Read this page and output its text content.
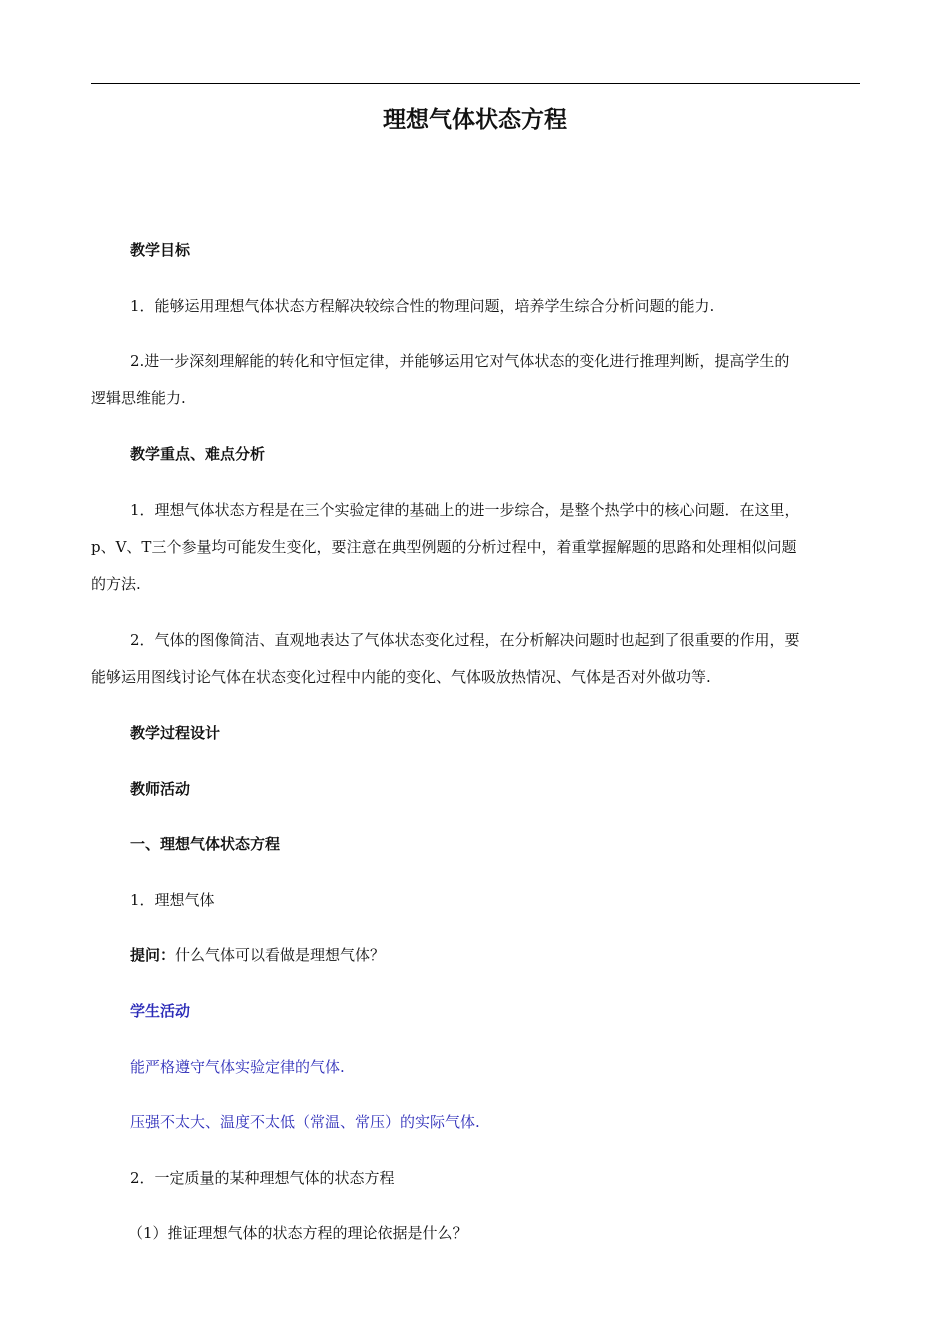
理想气体状态方程
教学目标
1．能够运用理想气体状态方程解决较综合性的物理问题，培养学生综合分析问题的能力.
2.进一步深刻理解能的转化和守恒定律，并能够运用它对气体状态的变化进行推理判断，提高学生的
逻辑思维能力.
教学重点、难点分析
1．理想气体状态方程是在三个实验定律的基础上的进一步综合，是整个热学中的核心问题．在这里，
p、V、T三个参量均可能发生变化，要注意在典型例题的分析过程中，着重掌握解题的思路和处理相似问题
的方法.
2．气体的图像简洁、直观地表达了气体状态变化过程，在分析解决问题时也起到了很重要的作用，要
能够运用图线讨论气体在状态变化过程中内能的变化、气体吸放热情况、气体是否对外做功等.
教学过程设计
教师活动
一、理想气体状态方程
1．理想气体
提问：什么气体可以看做是理想气体？
学生活动
能严格遵守气体实验定律的气体.
压强不太大、温度不太低（常温、常压）的实际气体.
2．一定质量的某种理想气体的状态方程
（1）推证理想气体的状态方程的理论依据是什么？
